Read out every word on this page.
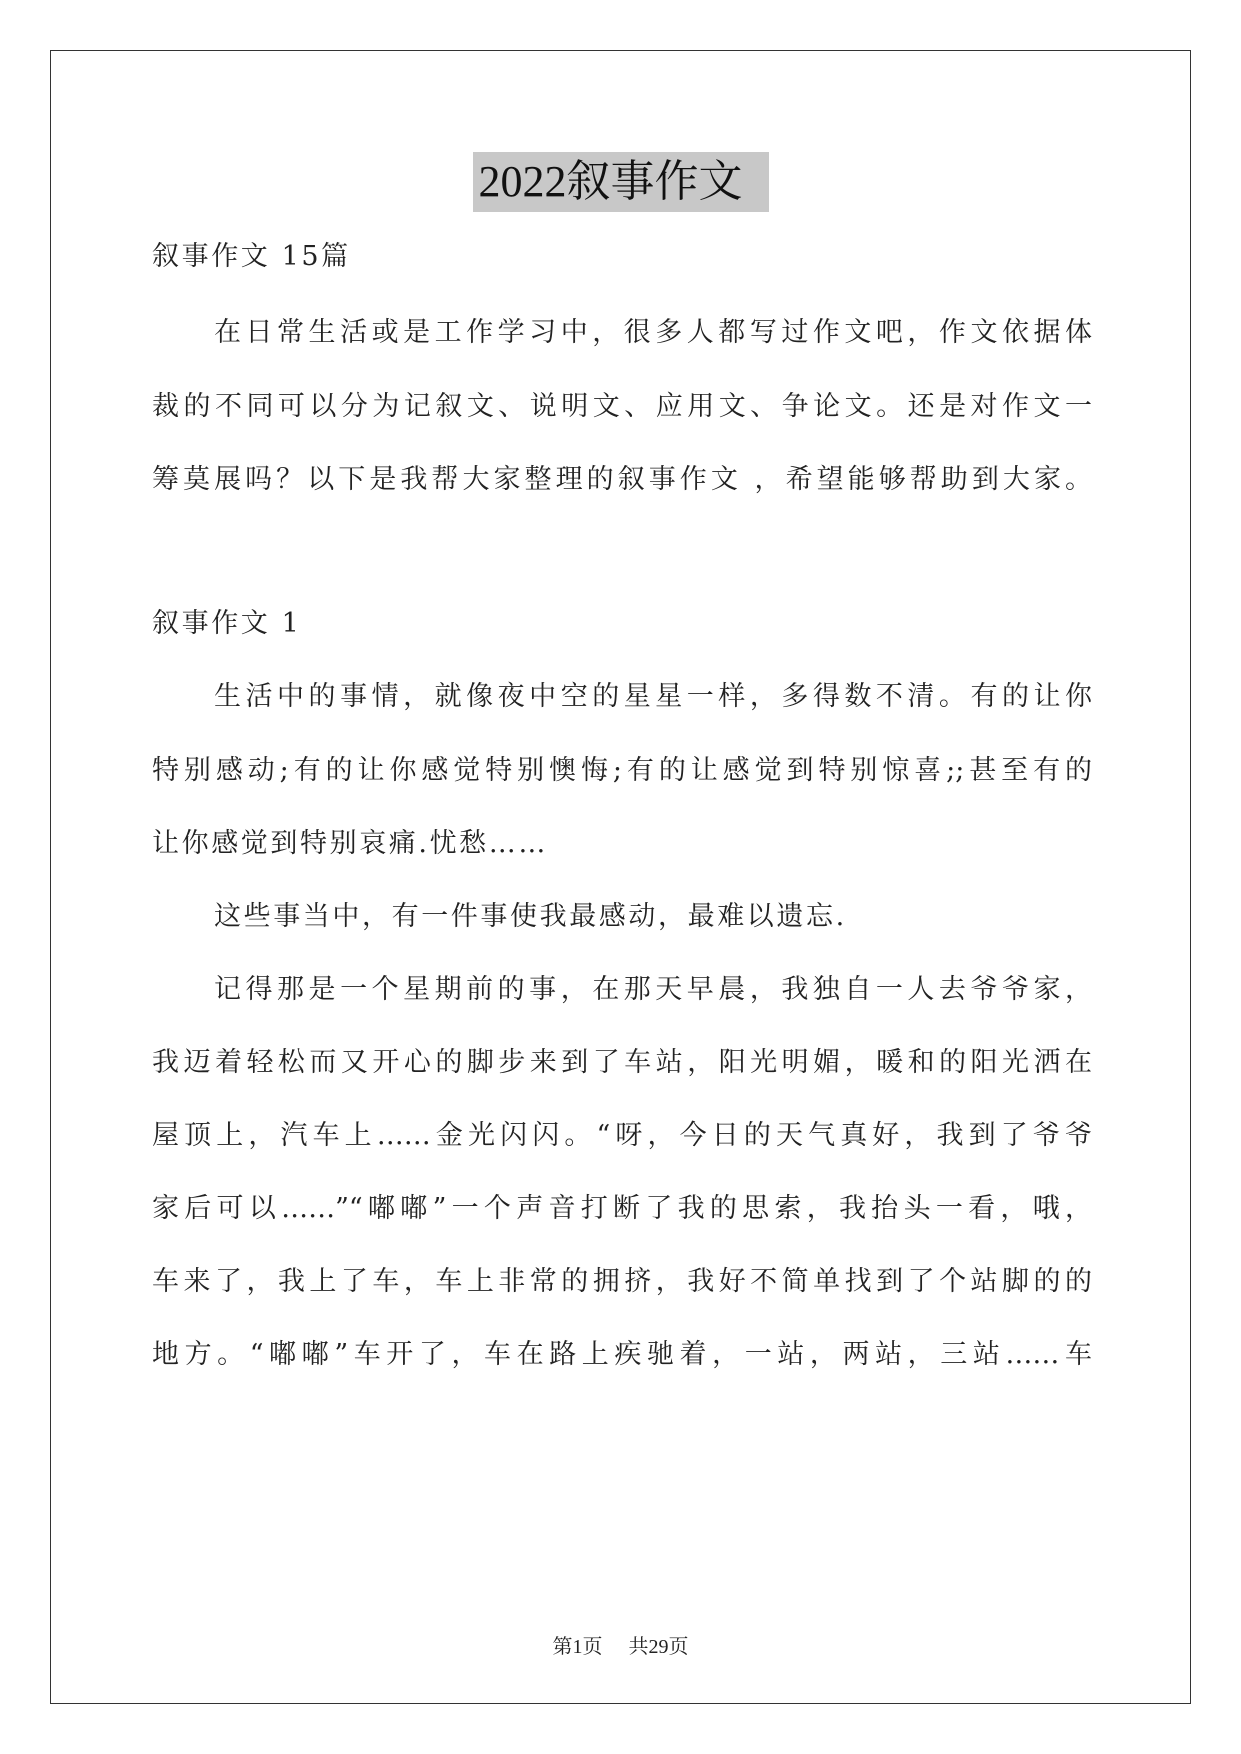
2022叙事作文
叙事作文 15篇
在日常生活或是工作学习中，很多人都写过作文吧，作文依据体
裁的不同可以分为记叙文、说明文、应用文、争论文。还是对作文一
筹莫展吗？以下是我帮大家整理的叙事作文 ，希望能够帮助到大家。
叙事作文 1
生活中的事情，就像夜中空的星星一样，多得数不清。有的让你
特别感动;有的让你感觉特别懊悔;有的让感觉到特别惊喜;;甚至有的
让你感觉到特别哀痛.忧愁……
这些事当中，有一件事使我最感动，最难以遗忘.
记得那是一个星期前的事，在那天早晨，我独自一人去爷爷家，
我迈着轻松而又开心的脚步来到了车站，阳光明媚，暖和的阳光洒在
屋顶上，汽车上……金光闪闪。“呀，今日的天气真好，我到了爷爷
家后可以……”“嘟嘟”一个声音打断了我的思索，我抬头一看，哦，
车来了，我上了车，车上非常的拥挤，我好不简单找到了个站脚的的
地方。“嘟嘟”车开了，车在路上疾驰着，一站，两站，三站……车
第1页 共29页
